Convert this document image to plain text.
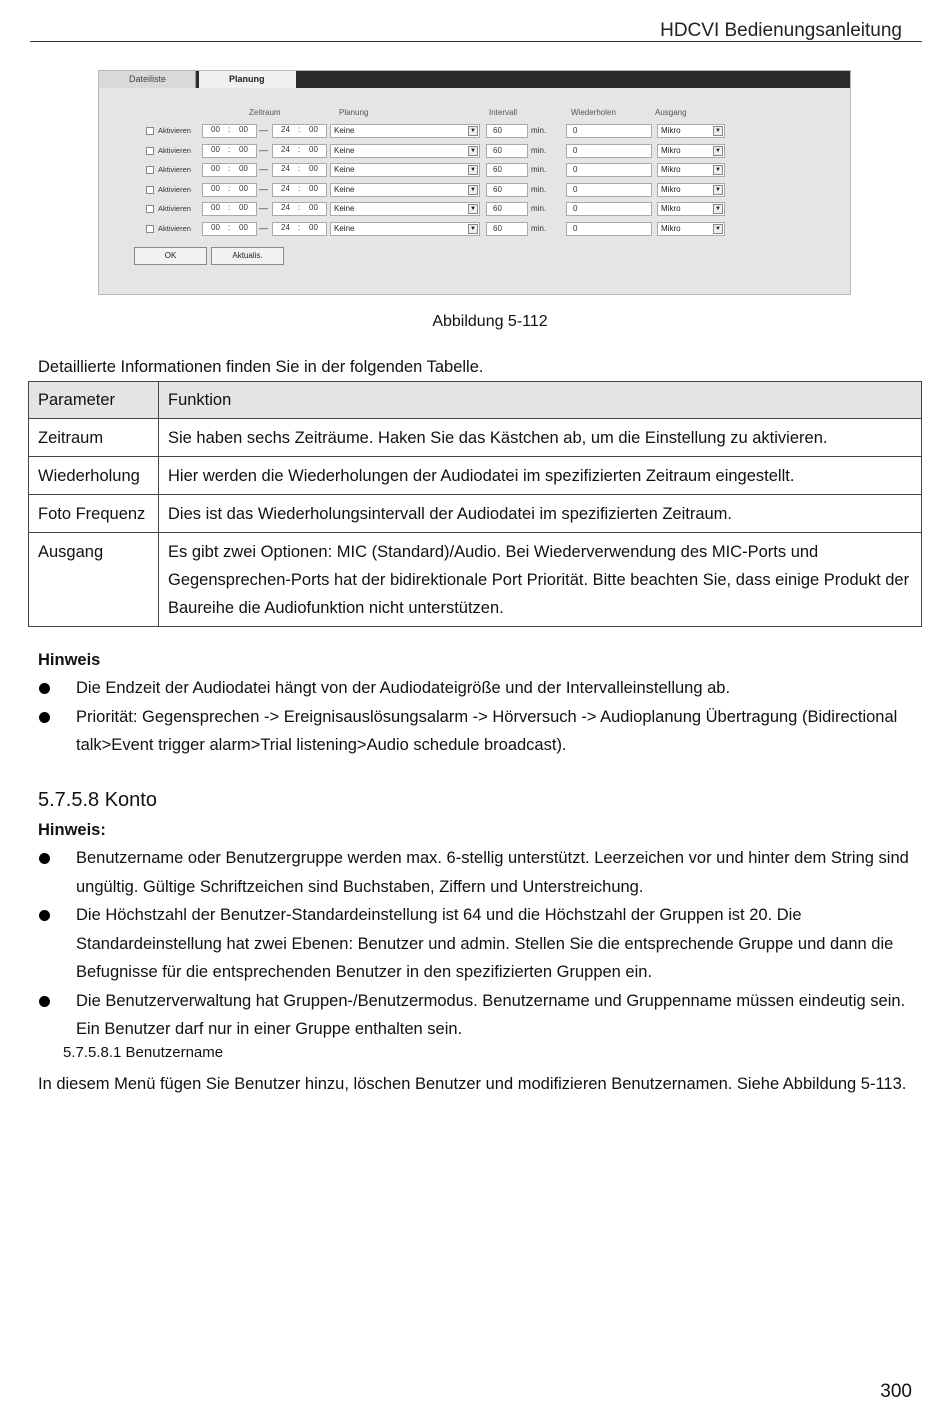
HDCVI Bedienungsanleitung
Dateiliste	Planung
Zeitraum	Planung	Intervall	Wiederholen	Ausgang
Aktivieren	00 : 00 — 24 : 00	Keine	▼	60	min.	0	Mikro	▼
Aktivieren	00 : 00 — 24 : 00	Keine	▼	60	min.	0	Mikro	▼
Aktivieren	00 : 00 — 24 : 00	Keine	▼	60	min.	0	Mikro	▼
Aktivieren	00 : 00 — 24 : 00	Keine	▼	60	min.	0	Mikro	▼
Aktivieren	00 : 00 — 24 : 00	Keine	▼	60	min.	0	Mikro	▼
Aktivieren	00 : 00 — 24 : 00	Keine	▼	60	min.	0	Mikro	▼
OK	Aktualis.
Abbildung 5-112
Detaillierte Informationen finden Sie in der folgenden Tabelle.
Parameter	Funktion
Zeitraum	Sie haben sechs Zeiträume. Haken Sie das Kästchen ab, um die Einstellung zu aktivieren.
Wiederholung	Hier werden die Wiederholungen der Audiodatei im spezifizierten Zeitraum eingestellt.
Foto Frequenz	Dies ist das Wiederholungsintervall der Audiodatei im spezifizierten Zeitraum.
Ausgang	Es gibt zwei Optionen: MIC (Standard)/Audio. Bei Wiederverwendung des MIC-Ports und Gegensprechen-Ports hat der bidirektionale Port Priorität. Bitte beachten Sie, dass einige Produkt der Baureihe die Audiofunktion nicht unterstützen.
Hinweis
Die Endzeit der Audiodatei hängt von der Audiodateigröße und der Intervalleinstellung ab.
Priorität: Gegensprechen -> Ereignisauslösungsalarm -> Hörversuch -> Audioplanung Übertragung (Bidirectional talk>Event trigger alarm>Trial listening>Audio schedule broadcast).
5.7.5.8 Konto
Hinweis:
Benutzername oder Benutzergruppe werden max. 6-stellig unterstützt. Leerzeichen vor und hinter dem String sind ungültig. Gültige Schriftzeichen sind Buchstaben, Ziffern und Unterstreichung.
Die Höchstzahl der Benutzer-Standardeinstellung ist 64 und die Höchstzahl der Gruppen ist 20. Die Standardeinstellung hat zwei Ebenen: Benutzer und admin. Stellen Sie die entsprechende Gruppe und dann die Befugnisse für die entsprechenden Benutzer in den spezifizierten Gruppen ein.
Die Benutzerverwaltung hat Gruppen-/Benutzermodus. Benutzername und Gruppenname müssen eindeutig sein. Ein Benutzer darf nur in einer Gruppe enthalten sein.
5.7.5.8.1 Benutzername
In diesem Menü fügen Sie Benutzer hinzu, löschen Benutzer und modifizieren Benutzernamen. Siehe Abbildung 5-113.
300
